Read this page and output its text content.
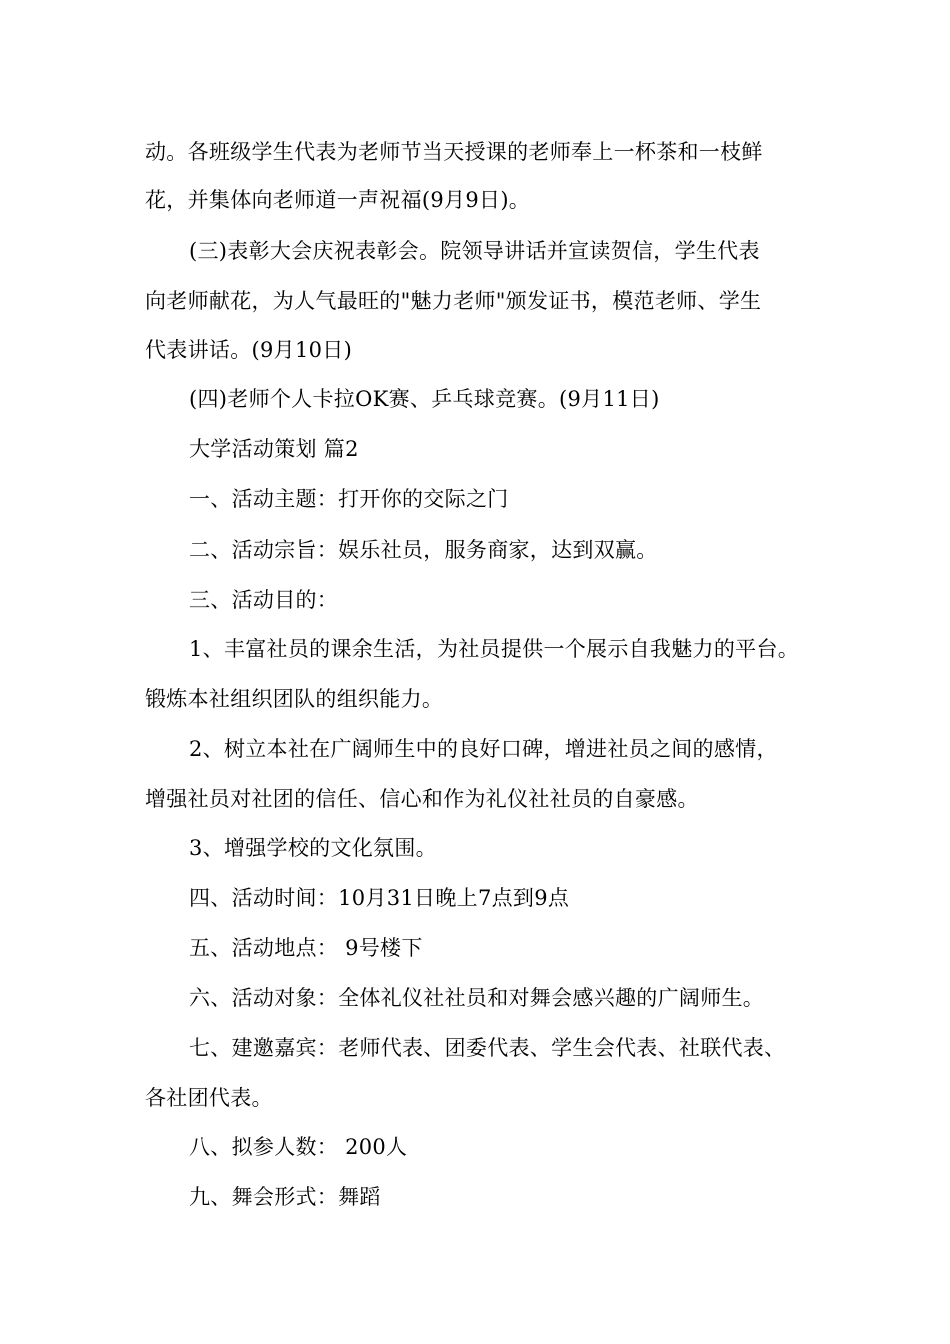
动。各班级学生代表为老师节当天授课的老师奉上一杯茶和一枝鲜
花，并集体向老师道一声祝福(9月9日)。
(三)表彰大会庆祝表彰会。院领导讲话并宣读贺信，学生代表
向老师献花，为人气最旺的"魅力老师"颁发证书，模范老师、学生
代表讲话。(9月10日)
(四)老师个人卡拉OK赛、乒乓球竞赛。(9月11日)
大学活动策划 篇2
一、活动主题：打开你的交际之门
二、活动宗旨：娱乐社员，服务商家，达到双赢。
三、活动目的：
1、丰富社员的课余生活，为社员提供一个展示自我魅力的平台。
锻炼本社组织团队的组织能力。
2、树立本社在广阔师生中的良好口碑，增进社员之间的感情，
增强社员对社团的信任、信心和作为礼仪社社员的自豪感。
3、增强学校的文化氛围。
四、活动时间：10月31日晚上7点到9点
五、活动地点： 9号楼下
六、活动对象：全体礼仪社社员和对舞会感兴趣的广阔师生。
七、建邀嘉宾：老师代表、团委代表、学生会代表、社联代表、
各社团代表。
八、拟参人数： 200人
九、舞会形式：舞蹈
